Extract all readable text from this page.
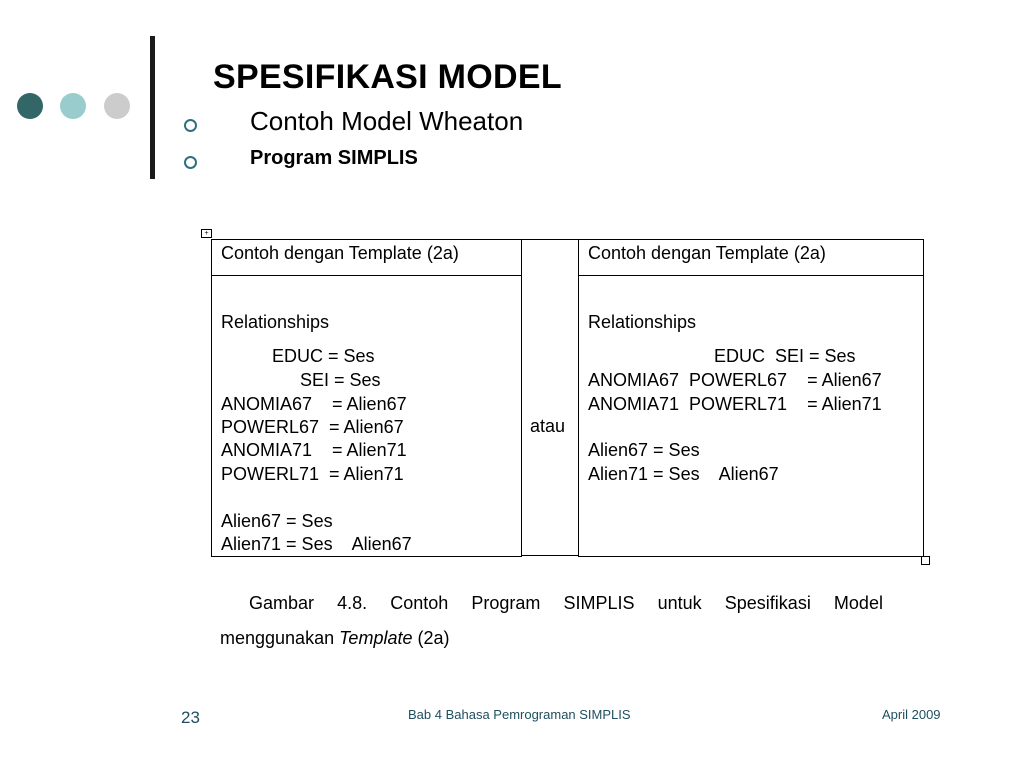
SPESIFIKASI MODEL
Contoh Model Wheaton
Program SIMPLIS
+
Contoh dengan Template (2a)
Relationships
EDUC = Ses
SEI = Ses
ANOMIA67    = Alien67
POWERL67  = Alien67
ANOMIA71    = Alien71
POWERL71  = Alien71
Alien67 = Ses
Alien71 = Ses    Alien67
atau
Contoh dengan Template (2a)
Relationships
EDUC  SEI = Ses
ANOMIA67  POWERL67    = Alien67
ANOMIA71  POWERL71    = Alien71
Alien67 = Ses
Alien71 = Ses    Alien67
Gambar 4.8. Contoh Program SIMPLIS untuk Spesifikasi Model
menggunakan Template (2a)
23	Bab 4 Bahasa Pemrograman SIMPLIS	April 2009
